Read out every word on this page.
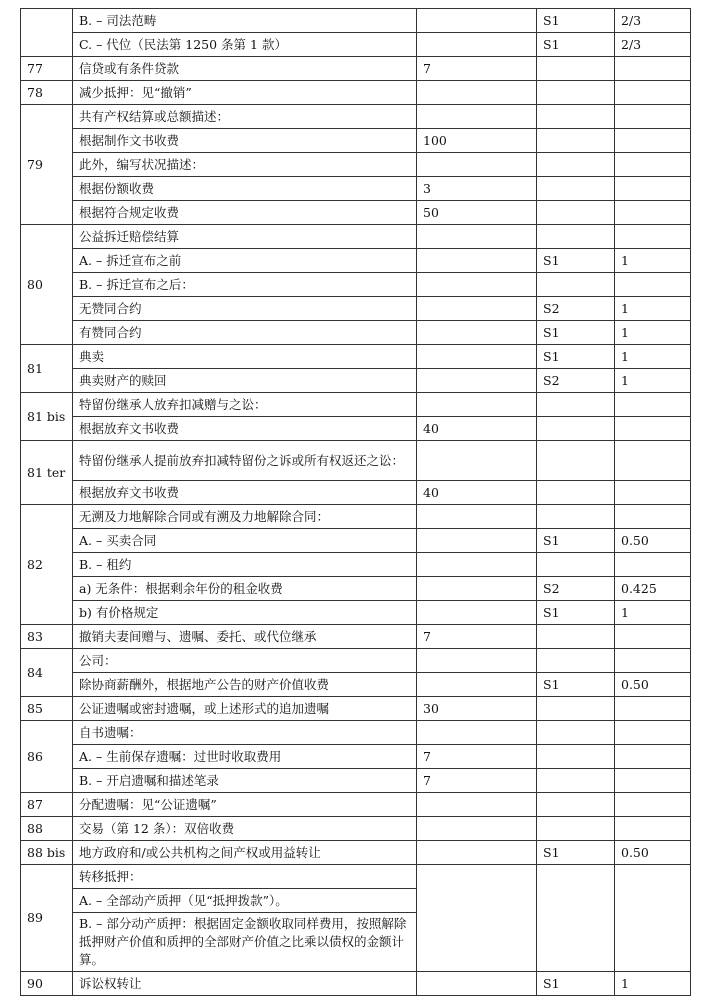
	B. – 司法范畴		S1	2/3
	C. – 代位（民法第 1250 条第 1 款）		S1	2/3
77	信贷或有条件贷款	7		
78	减少抵押：见“撤销”			
79	共有产权结算或总额描述：			
	根据制作文书收费	100		
	此外，编写状况描述：			
	根据份额收费	3		
	根据符合规定收费	50		
80	公益拆迁赔偿结算			
	A. – 拆迁宣布之前		S1	1
	B. – 拆迁宣布之后：			
	无赞同合约		S2	1
	有赞同合约		S1	1
81	典卖		S1	1
	典卖财产的赎回		S2	1
81 bis	特留份继承人放弃扣减赠与之讼：			
	根据放弃文书收费	40		
81 ter	特留份继承人提前放弃扣减特留份之诉或所有权返还之讼：			
	根据放弃文书收费	40		
82	无溯及力地解除合同或有溯及力地解除合同：			
	A. – 买卖合同		S1	0.50
	B. – 租约			
	a) 无条件：根据剩余年份的租金收费		S2	0.425
	b) 有价格规定		S1	1
83	撤销夫妻间赠与、遗嘱、委托、或代位继承	7		
84	公司：			
	除协商薪酬外，根据地产公告的财产价值收费		S1	0.50
85	公证遗嘱或密封遗嘱，或上述形式的追加遗嘱	30		
86	自书遗嘱：			
	A. – 生前保存遗嘱：过世时收取费用	7		
	B. – 开启遗嘱和描述笔录	7		
87	分配遗嘱：见“公证遗嘱”			
88	交易（第 12 条）：双倍收费			
88 bis	地方政府和/或公共机构之间产权或用益转让		S1	0.50
89	转移抵押：			
	A. – 全部动产质押（见“抵押拨款”）。			
	B. – 部分动产质押：根据固定金额收取同样费用，按照解除抵押财产价值和质押的全部财产价值之比乘以债权的金额计算。			
90	诉讼权转让		S1	1
